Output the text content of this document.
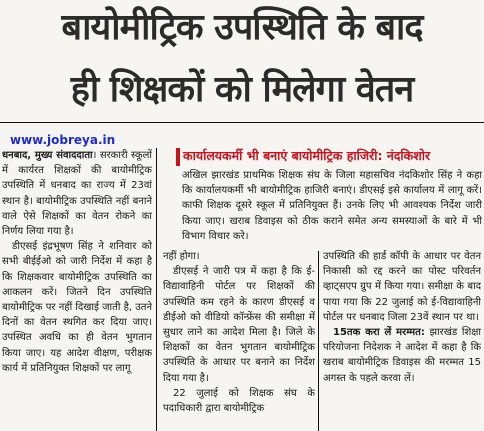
बायोमीट्रिक उपस्थिति के बाद
ही शिक्षकों को मिलेगा वेतन
www.jobreya.in
कार्यालयकर्मी भी बनाएं बायोमीट्रिक हाजिरी: नंदकिशोर

अखिल झारखंड प्राथमिक शिक्षक संघ के जिला महासचिव नंदकिशोर सिंह ने कहा कि कार्यालयकर्मी भी बायोमीट्रिक हाजिरी बनाएं। डीएसई इसे कार्यालय में लागू करें। काफी शिक्षक दूसरे स्कूल में प्रतिनियुक्त हैं। उनके लिए भी आवश्यक निर्देश जारी किया जाए। खराब डिवाइस को ठीक कराने समेत अन्य समस्याओं के बारे में भी विभाग विचार करे।

धनबाद, मुख्य संवाददाता। सरकारी स्कूलों में कार्यरत शिक्षकों की बायोमीट्रिक उपस्थिति में धनबाद का राज्य में 23वां स्थान है। बायोमीट्रिक उपस्थिति नहीं बनाने वाले ऐसे शिक्षकों का वेतन रोकने का निर्णय लिया गया है।
डीएसई इंद्रभूषण सिंह ने शनिवार को सभी बीईईओ को जारी निर्देश में कहा है कि शिक्षकवार बायोमीट्रिक उपस्थिति का आकलन करें। जितने दिन उपस्थिति बायोमीट्रिक पर नहीं दिखाई जाती है, उतने दिनों का वेतन स्थगित कर दिया जाए। उपस्थित अवधि का ही वेतन भुगतान किया जाए। यह आदेश वीक्षण, परीक्षक कार्य में प्रतिनियुक्त शिक्षकों पर लागू
नहीं होगा।
डीएसई ने जारी पत्र में कहा है कि ई-विद्यावाहिनी पोर्टल पर शिक्षकों की उपस्थिति कम रहने के कारण डीएसई व डीईओ को वीडियो कॉन्फ्रेंस की समीक्षा में सुधार लाने का आदेश मिला है। जिले के शिक्षकों का वेतन भुगतान बायोमीट्रिक उपस्थिति के आधार पर बनाने का निर्देश दिया गया है।
22 जुलाई को शिक्षक संघ के पदाधिकारी द्वारा बायोमीट्रिक
उपस्थिति की हार्ड कॉपी के आधार पर वेतन निकासी को रद्द करने का पोस्ट परिवर्तन व्हाट्सएप ग्रुप में किया गया। समीक्षा के बाद पाया गया कि 22 जुलाई को ई-विद्यावाहिनी पोर्टल पर धनबाद जिला 23वें स्थान पर था।
15तक करा लें मरम्मत: झारखंड शिक्षा परियोजना निदेशक ने आदेश में कहा है कि खराब बायोमीट्रिक डिवाइस की मरम्मत 15 अगस्त के पहले करवा लें।
